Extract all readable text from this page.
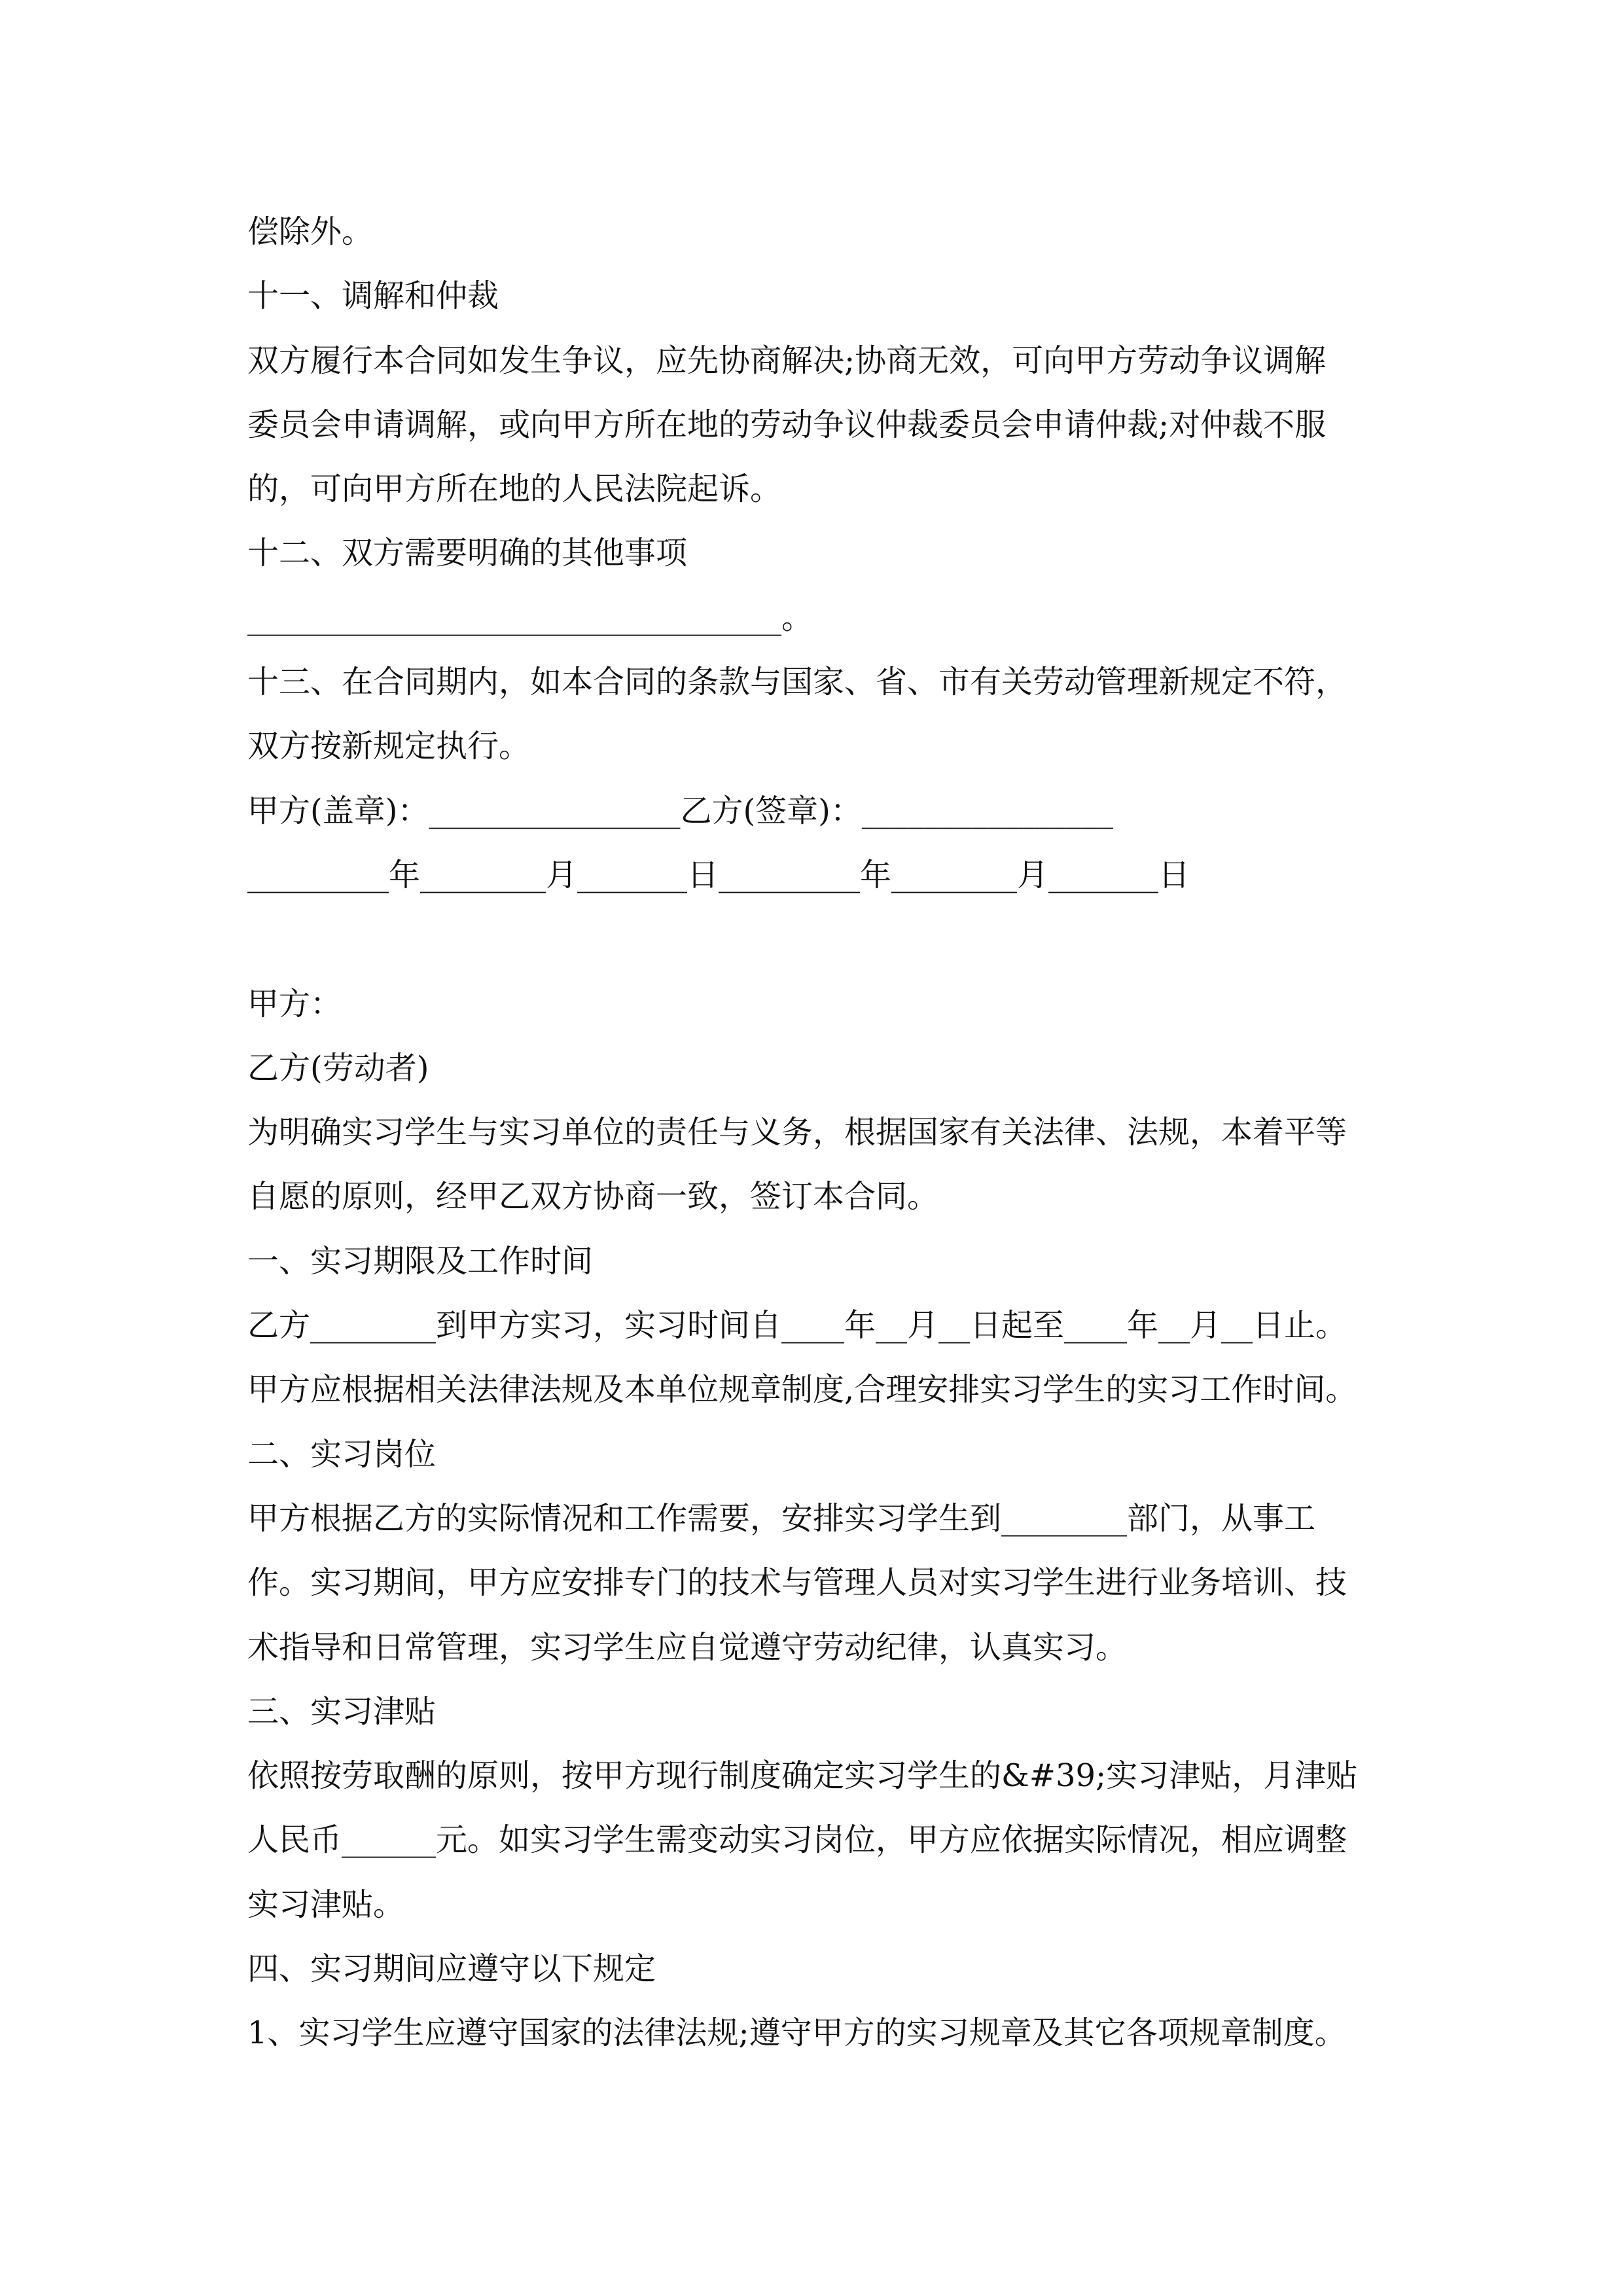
偿除外。
十一、调解和仲裁
双方履行本合同如发生争议，应先协商解决;协商无效，可向甲方劳动争议调解
委员会申请调解，或向甲方所在地的劳动争议仲裁委员会申请仲裁;对仲裁不服
的，可向甲方所在地的人民法院起诉。
十二、双方需要明确的其他事项
__________________________________。
十三、在合同期内，如本合同的条款与国家、省、市有关劳动管理新规定不符，
双方按新规定执行。
甲方(盖章)：________________乙方(签章)：________________
_________年________月_______日_________年________月_______日
甲方：
乙方(劳动者)
为明确实习学生与实习单位的责任与义务，根据国家有关法律、法规，本着平等
自愿的原则，经甲乙双方协商一致，签订本合同。
一、实习期限及工作时间
乙方________到甲方实习，实习时间自____年__月__日起至____年__月__日止。
甲方应根据相关法律法规及本单位规章制度,合理安排实习学生的实习工作时间。
二、实习岗位
甲方根据乙方的实际情况和工作需要，安排实习学生到________部门，从事工
作。实习期间，甲方应安排专门的技术与管理人员对实习学生进行业务培训、技
术指导和日常管理，实习学生应自觉遵守劳动纪律，认真实习。
三、实习津贴
依照按劳取酬的原则，按甲方现行制度确定实习学生的&#39;实习津贴，月津贴
人民币______元。如实习学生需变动实习岗位，甲方应依据实际情况，相应调整
实习津贴。
四、实习期间应遵守以下规定
1、实习学生应遵守国家的法律法规;遵守甲方的实习规章及其它各项规章制度。
